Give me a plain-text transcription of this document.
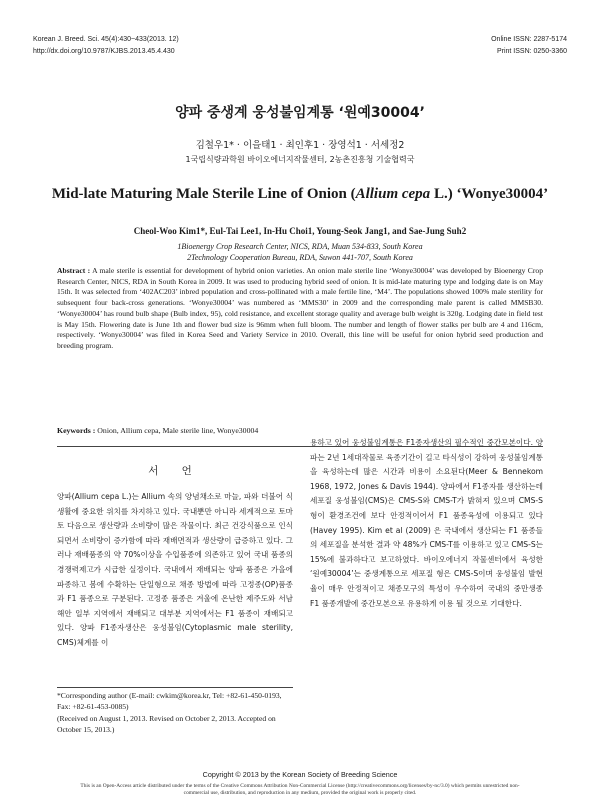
Korean J. Breed. Sci. 45(4):430~433(2013. 12)
http://dx.doi.org/10.9787/KJBS.2013.45.4.430
Online ISSN: 2287-5174
Print ISSN: 0250-3360
양파 중생계 웅성불임계통 ‘원예30004’
김철우1* · 이을태1 · 최인후1 · 장영석1 · 서세정2
1국립식량과학원 바이오에너지작물센터, 2농촌진흥청 기술협력국
Mid-late Maturing Male Sterile Line of Onion (Allium cepa L.) ‘Wonye30004’
Cheol-Woo Kim1*, Eul-Tai Lee1, In-Hu Choi1, Young-Seok Jang1, and Sae-Jung Suh2
1Bioenergy Crop Research Center, NICS, RDA, Muan 534-833, South Korea
2Technology Cooperation Bureau, RDA, Suwon 441-707, South Korea
Abstract : A male sterile is essential for development of hybrid onion varieties. An onion male sterile line ‘Wonye30004’ was developed by Bioenergy Crop Research Center, NICS, RDA in South Korea in 2009. It was used to producing hybrid seed of onion. It is mid-late maturing type and lodging date is on May 15th. It was selected from ‘402AC203’ inbred population and cross-pollinated with a male fertile line, ‘M4’. The populations showed 100% male sterility for subsequent four back-cross generations. ‘Wonye30004’ was numbered as ‘MMS30’ in 2009 and the corresponding male parent is called MMSB30. ‘Wonye30004’ has round bulb shape (Bulb index, 95), cold resistance, and excellent storage quality and average bulb weight is 320g. Lodging date in field test is May 15th. Flowering date is June 1th and flower bud size is 96mm when full bloom. The number and length of flower stalks per bulb are 4 and 116cm, respectively. ‘Wonye30004’ was filed in Korea Seed and Variety Service in 2010. Overall, this line will be useful for onion hybrid seed production and breeding program.
Keywords : Onion, Allium cepa, Male sterile line, Wonye30004
서 언
양파(Allium cepa L.)는 Allium 속의 양념채소로 마늘, 파와 더불어 식생활에 중요한 위치를 차지하고 있다. 국내뿐만 아니라 세계적으로 토마토 다음으로 생산량과 소비량이 많은 작물이다. 최근 건강식품으로 인식되면서 소비량이 증가함에 따라 재배면적과 생산량이 급증하고 있다. 그러나 재배품종의 약 70%이상을 수입품종에 의존하고 있어 국내 품종의 경쟁력제고가 시급한 실정이다. 국내에서 재배되는 양파 품종은 가을에 파종하고 봄에 수확하는 단일형으로 채종 방법에 따라 고정종(OP)품종과 F1 품종으로 구분된다. 고정종 품종은 겨울에 온난한 제주도와 서남해안 일부 지역에서 재배되고 대부분 지역에서는 F1 품종이 재배되고 있다. 양파 F1종자생산은 웅성불임(Cytoplasmic male sterility, CMS)체계를 이
용하고 있어 웅성불임계통은 F1종자생산의 필수적인 중간모본이다. 양파는 2년 1세대작물로 육종기간이 길고 타식성이 강하여 웅성불임계통을 육성하는데 많은 시간과 비용이 소요된다(Meer & Bennekom 1968, 1972, Jones & Davis 1944). 양파에서 F1종자를 생산하는데 세포질 웅성불임(CMS)은 CMS-S와 CMS-T가 밝혀져 있으며 CMS-S형이 환경조건에 보다 안정적이어서 F1 품종육성에 이용되고 있다(Havey 1995). Kim et al (2009) 은 국내에서 생산되는 F1 품종들의 세포질을 분석한 결과 약 48%가 CMS-T를 이용하고 있고 CMS-S는 15%에 불과하다고 보고하였다. 바이오에너지 작물센터에서 육성한 ‘원예30004’는 중생계통으로 세포질 형은 CMS-S이며 웅성불임 발현율이 매우 안정적이고 채종모구의 특성이 우수하여 국내의 중만생종 F1 품종개발에 중간모본으로 유용하게 이용 될 것으로 기대한다.
*Corresponding author (E-mail: cwkim@korea.kr, Tel: +82-61-450-0193, Fax: +82-61-453-0085)
(Received on August 1, 2013. Revised on October 2, 2013. Accepted on October 15, 2013.)
Copyright © 2013 by the Korean Society of Breeding Science
This is an Open-Access article distributed under the terms of the Creative Commons Attribution Non-Commercial License (http://creativecommons.org/licenses/by-nc/3.0) which permits unrestricted non-commercial use, distribution, and reproduction in any medium, provided the original work is properly cited.
